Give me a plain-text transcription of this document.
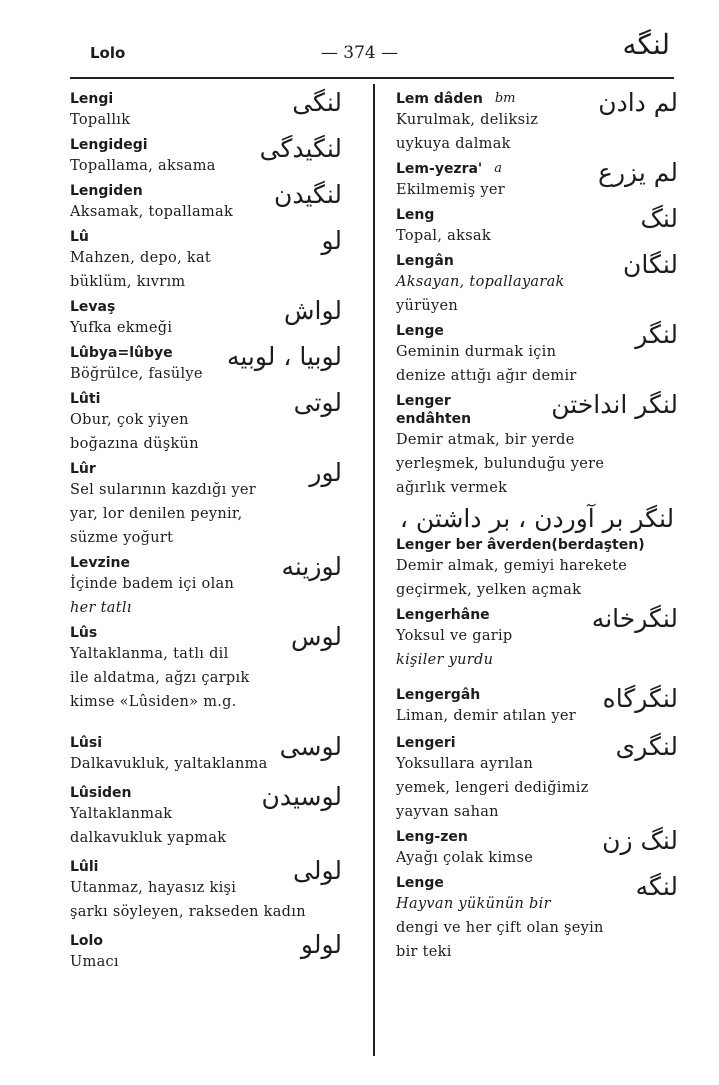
Lolo	— 374 —	لنگه
Lengi	لنگی
Topallık
Lengidegi	لنگیدگی
Topallama, aksama
Lengiden	لنگیدن
Aksamak, topallamak
Lû	لو
Mahzen, depo, kat
büklüm, kıvrım
Levaş	لواش
Yufka ekmeği
Lûbya=lûbye لوبیا ، لوبیه
Böğrülce, fasülye
Lûti	لوتی
Obur, çok yiyen
boğazına düşkün
Lûr	لور
Sel sularının kazdığı yer
yar, lor denilen peynir,
süzme yoğurt
Levzine	لوزینه
İçinde badem içi olan
her tatlı
Lûs	لوس
Yaltaklanma, tatlı dil
ile aldatma, ağzı çarpık
kimse «Lûsiden» m.g.
Lûsi	لوسی
Dalkavukluk, yaltaklanma
Lûsiden	لوسیدن
Yaltaklanmak
dalkavukluk yapmak
Lûli	لولی
Utanmaz, hayasız kişi
şarkı söyleyen, rakseden kadın
Lolo	لولو
Umacı
Lem dâden bm	لم دادن
Kurulmak, deliksiz
uykuya dalmak
Lem-yezra' a	لم يزرع
Ekilmemiş yer
Leng	لنگ
Topal, aksak
Lengân	لنگان
Aksayan, topallayarak
yürüyen
Lenge	لنگر
Geminin durmak için
denize attığı ağır demir
Lenger
endâhten	لنگر انداختن
Demir atmak, bir yerde
yerleşmek, bulunduğu yere
ağırlık vermek
لنگر بر آوردن ، بر داشتن ،
Lenger ber âverden(berdaşten)
Demir almak, gemiyi harekete
geçirmek, yelken açmak
Lengerhâne	لنگرخانه
Yoksul ve garip
kişiler yurdu
Lengergâh	لنگرگاه
Liman, demir atılan yer
Lengeri	لنگری
Yoksullara ayrılan
yemek, lengeri dediğimiz
yayvan sahan
Leng-zen	لنگ زن
Ayağı çolak kimse
Lenge	لنگه
Hayvan yükünün bir
dengi ve her çift olan şeyin
bir teki
